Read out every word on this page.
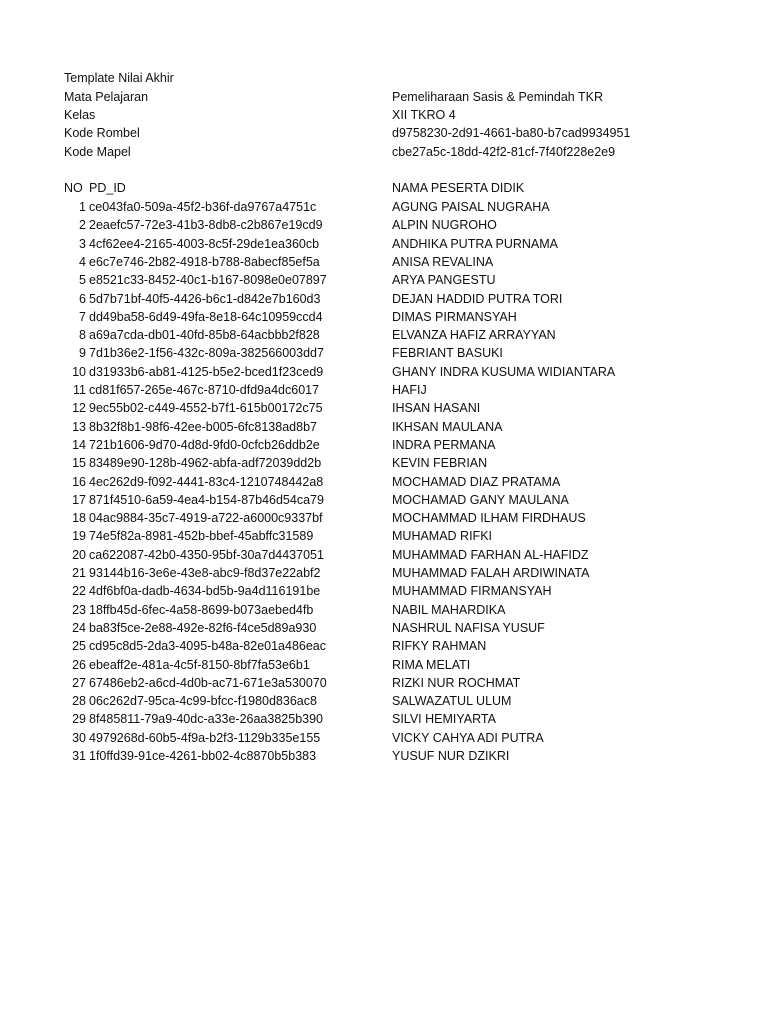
Template Nilai Akhir
Mata Pelajaran	Pemeliharaan Sasis & Pemindah TKR
Kelas	XII TKRO 4
Kode Rombel	d9758230-2d91-4661-ba80-b7cad9934951
Kode Mapel	cbe27a5c-18dd-42f2-81cf-7f40f228e2e9
NO PD_ID	NAMA PESERTA DIDIK
1 ce043fa0-509a-45f2-b36f-da9767a4751c	AGUNG PAISAL NUGRAHA
2 2eaefc57-72e3-41b3-8db8-c2b867e19cd9	ALPIN NUGROHO
3 4cf62ee4-2165-4003-8c5f-29de1ea360cb	ANDHIKA PUTRA PURNAMA
4 e6c7e746-2b82-4918-b788-8abecf85ef5a	ANISA REVALINA
5 e8521c33-8452-40c1-b167-8098e0e07897	ARYA PANGESTU
6 5d7b71bf-40f5-4426-b6c1-d842e7b160d3	DEJAN HADDID PUTRA TORI
7 dd49ba58-6d49-49fa-8e18-64c10959ccd4	DIMAS PIRMANSYAH
8 a69a7cda-db01-40fd-85b8-64acbbb2f828	ELVANZA HAFIZ ARRAYYAN
9 7d1b36e2-1f56-432c-809a-382566003dd7	FEBRIANT BASUKI
10 d31933b6-ab81-4125-b5e2-bced1f23ced9	GHANY INDRA KUSUMA WIDIANTARA
11 cd81f657-265e-467c-8710-dfd9a4dc6017	HAFIJ
12 9ec55b02-c449-4552-b7f1-615b00172c75	IHSAN HASANI
13 8b32f8b1-98f6-42ee-b005-6fc8138ad8b7	IKHSAN MAULANA
14 721b1606-9d70-4d8d-9fd0-0cfcb26ddb2e	INDRA PERMANA
15 83489e90-128b-4962-abfa-adf72039dd2b	KEVIN FEBRIAN
16 4ec262d9-f092-4441-83c4-1210748442a8	MOCHAMAD DIAZ PRATAMA
17 871f4510-6a59-4ea4-b154-87b46d54ca79	MOCHAMAD GANY MAULANA
18 04ac9884-35c7-4919-a722-a6000c9337bf	MOCHAMMAD ILHAM FIRDHAUS
19 74e5f82a-8981-452b-bbef-45abffc31589	MUHAMAD RIFKI
20 ca622087-42b0-4350-95bf-30a7d4437051	MUHAMMAD FARHAN AL-HAFIDZ
21 93144b16-3e6e-43e8-abc9-f8d37e22abf2	MUHAMMAD FALAH ARDIWINATA
22 4df6bf0a-dadb-4634-bd5b-9a4d116191be	MUHAMMAD FIRMANSYAH
23 18ffb45d-6fec-4a58-8699-b073aebed4fb	NABIL MAHARDIKA
24 ba83f5ce-2e88-492e-82f6-f4ce5d89a930	NASHRUL NAFISA YUSUF
25 cd95c8d5-2da3-4095-b48a-82e01a486eac	RIFKY RAHMAN
26 ebeaff2e-481a-4c5f-8150-8bf7fa53e6b1	RIMA MELATI
27 67486eb2-a6cd-4d0b-ac71-671e3a530070	RIZKI NUR ROCHMAT
28 06c262d7-95ca-4c99-bfcc-f1980d836ac8	SALWAZATUL ULUM
29 8f485811-79a9-40dc-a33e-26aa3825b390	SILVI HEMIYARTA
30 4979268d-60b5-4f9a-b2f3-1129b335e155	VICKY CAHYA ADI PUTRA
31 1f0ffd39-91ce-4261-bb02-4c8870b5b383	YUSUF NUR DZIKRI
